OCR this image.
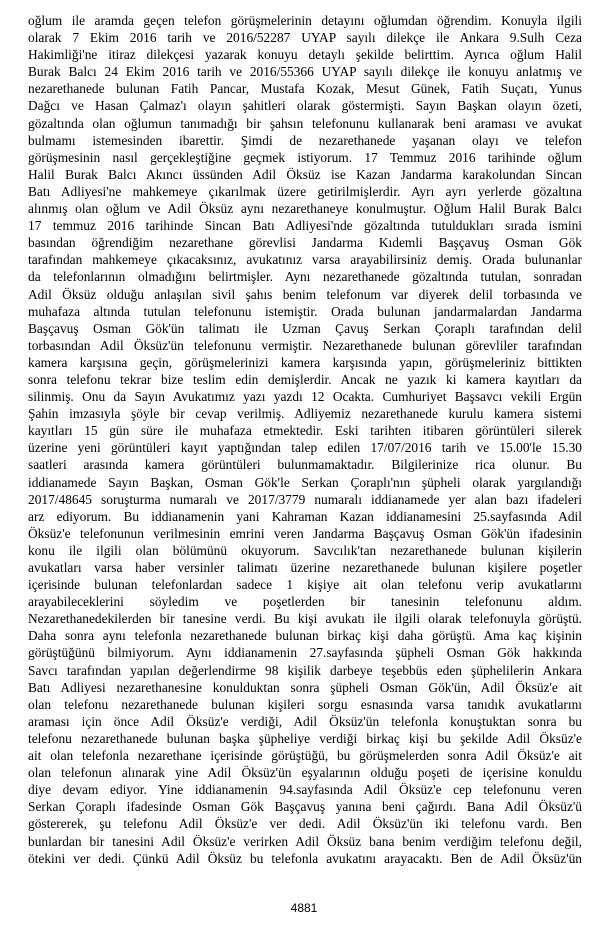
oğlum ile aramda geçen telefon görüşmelerinin detayını oğlumdan öğrendim. Konuyla ilgili
olarak 7 Ekim 2016 tarih ve 2016/52287 UYAP sayılı dilekçe ile Ankara 9.Sulh Ceza
Hakimliği'ne itiraz dilekçesi yazarak konuyu detaylı şekilde belirttim. Ayrıca oğlum Halil
Burak Balcı 24 Ekim 2016 tarih ve 2016/55366 UYAP sayılı dilekçe ile konuyu anlatmış ve
nezarethanede bulunan Fatih Pancar, Mustafa Kozak, Mesut Günek, Fatih Suçatı, Yunus
Dağcı ve Hasan Çalmaz'ı olayın şahitleri olarak göstermişti. Sayın Başkan olayın özeti,
gözaltında olan oğlumun tanımadığı bir şahsın telefonunu kullanarak beni araması ve avukat
bulmamı istemesinden ibarettir. Şimdi de nezarethanede yaşanan olayı ve telefon
görüşmesinin nasıl gerçekleştiğine geçmek istiyorum. 17 Temmuz 2016 tarihinde oğlum
Halil Burak Balcı Akıncı üssünden Adil Öksüz ise Kazan Jandarma karakolundan Sincan
Batı Adliyesi'ne mahkemeye çıkarılmak üzere getirilmişlerdir. Ayrı ayrı yerlerde gözaltına
alınmış olan oğlum ve Adil Öksüz aynı nezarethaneye konulmuştur. Oğlum Halil Burak Balcı
17 temmuz 2016 tarihinde Sincan Batı Adliyesi'nde gözaltında tutuldukları sırada ismini
basından öğrendiğim nezarethane görevlisi Jandarma Kıdemli Başçavuş Osman Gök
tarafından mahkemeye çıkacaksınız, avukatınız varsa arayabilirsiniz demiş. Orada bulunanlar
da telefonlarının olmadığını belirtmişler. Aynı nezarethanede gözaltında tutulan, sonradan
Adil Öksüz olduğu anlaşılan sivil şahıs benim telefonum var diyerek delil torbasında ve
muhafaza altında tutulan telefonunu istemiştir. Orada bulunan jandarmalardan Jandarma
Başçavuş Osman Gök'ün talimatı ile Uzman Çavuş Serkan Çoraplı tarafından delil
torbasından Adil Öksüz'ün telefonunu vermiştir. Nezarethanede bulunan görevliler tarafından
kamera karşısına geçin, görüşmelerinizi kamera karşısında yapın, görüşmeleriniz bittikten
sonra telefonu tekrar bize teslim edin demişlerdir. Ancak ne yazık ki kamera kayıtları da
silinmiş. Onu da Sayın Avukatımız yazı yazdı 12 Ocakta. Cumhuriyet Başsavcı vekili Ergün
Şahin imzasıyla şöyle bir cevap verilmiş. Adliyemiz nezarethanede kurulu kamera sistemi
kayıtları 15 gün süre ile muhafaza etmektedir. Eski tarihten itibaren görüntüleri silerek
üzerine yeni görüntüleri kayıt yaptığından talep edilen 17/07/2016 tarih ve 15.00'le 15.30
saatleri arasında kamera görüntüleri bulunmamaktadır. Bilgilerinize rica olunur. Bu
iddianamede Sayın Başkan, Osman Gök'le Serkan Çoraplı'nın şüpheli olarak yargılandığı
2017/48645 soruşturma numaralı ve 2017/3779 numaralı iddianamede yer alan bazı ifadeleri
arz ediyorum. Bu iddianamenin yani Kahraman Kazan iddianamesini 25.sayfasında Adil
Öksüz'e telefonunun verilmesinin emrini veren Jandarma Başçavuş Osman Gök'ün ifadesinin
konu ile ilgili olan bölümünü okuyorum. Savcılık'tan nezarethanede bulunan kişilerin
avukatları varsa haber versinler talimatı üzerine nezarethanede bulunan kişilere poşetler
içerisinde bulunan telefonlardan sadece 1 kişiye ait olan telefonu verip avukatlarını
arayabileceklerini söyledim ve poşetlerden bir tanesinin telefonunu aldım.
Nezarethanedekilerden bir tanesine verdi. Bu kişi avukatı ile ilgili olarak telefonuyla görüştü.
Daha sonra aynı telefonla nezarethanede bulunan birkaç kişi daha görüştü. Ama kaç kişinin
görüştüğünü bilmiyorum. Aynı iddianamenin 27.sayfasında şüpheli Osman Gök hakkında
Savcı tarafından yapılan değerlendirme 98 kişilik darbeye teşebbüs eden şüphelilerin Ankara
Batı Adliyesi nezarethanesine konulduktan sonra şüpheli Osman Gök'ün, Adil Öksüz'e ait
olan telefonu nezarethanede bulunan kişileri sorgu esnasında varsa tanıdık avukatlarını
araması için önce Adil Öksüz'e verdiği, Adil Öksüz'ün telefonla konuştuktan sonra bu
telefonu nezarethanede bulunan başka şüpheliye verdiği birkaç kişi bu şekilde Adil Öksüz'e
ait olan telefonla nezarethane içerisinde görüştüğü, bu görüşmelerden sonra Adil Öksüz'e ait
olan telefonun alınarak yine Adil Öksüz'ün eşyalarının olduğu poşeti de içerisine konuldu
diye devam ediyor. Yine iddianamenin 94.sayfasında Adil Öksüz'e cep telefonunu veren
Serkan Çoraplı ifadesinde Osman Gök Başçavuş yanına beni çağırdı. Bana Adil Öksüz'ü
göstererek, şu telefonu Adil Öksüz'e ver dedi. Adil Öksüz'ün iki telefonu vardı. Ben
bunlardan bir tanesini Adil Öksüz'e verirken Adil Öksüz bana benim verdiğim telefonu değil,
ötekini ver dedi. Çünkü Adil Öksüz bu telefonla avukatını arayacaktı. Ben de Adil Öksüz'ün
4881
